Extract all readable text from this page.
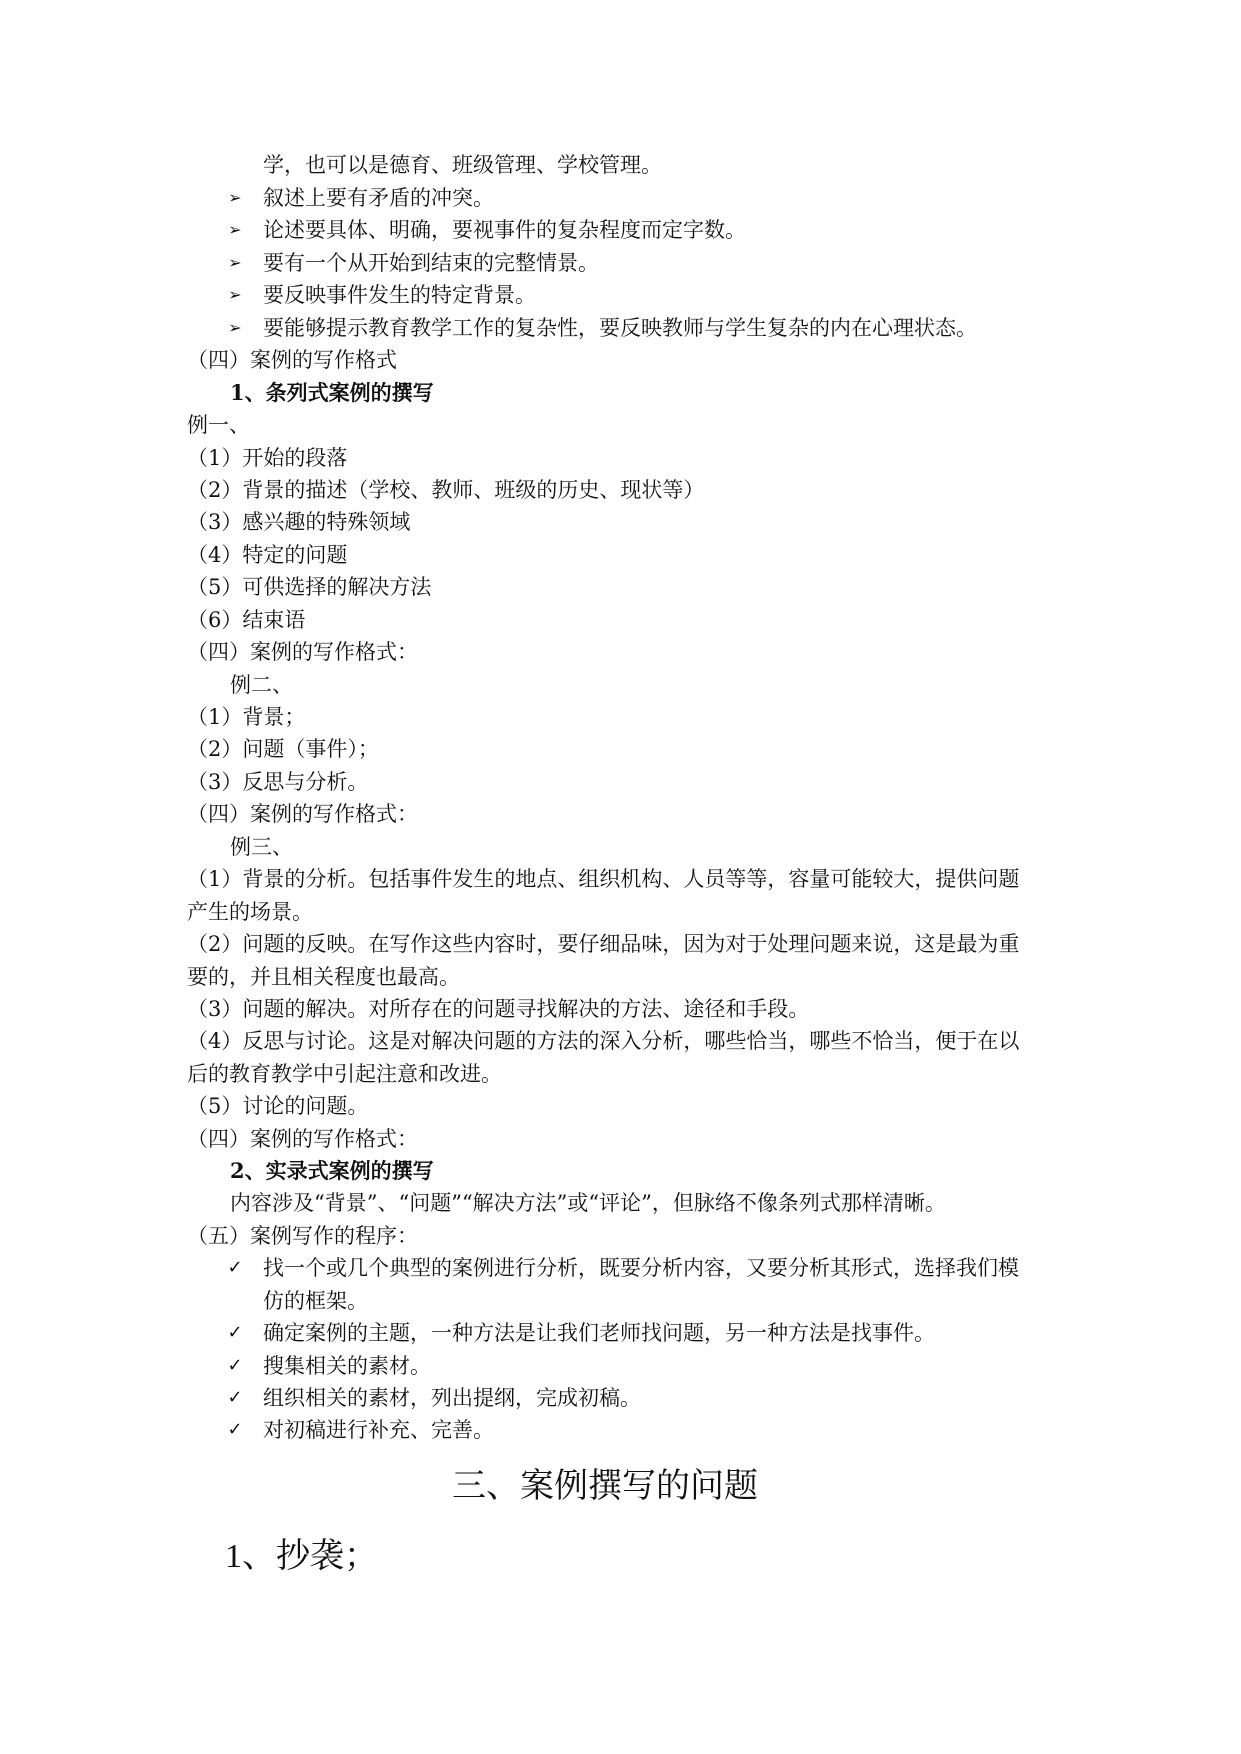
学，也可以是德育、班级管理、学校管理。
➢ 叙述上要有矛盾的冲突。
➢ 论述要具体、明确，要视事件的复杂程度而定字数。
➢ 要有一个从开始到结束的完整情景。
➢ 要反映事件发生的特定背景。
➢ 要能够提示教育教学工作的复杂性，要反映教师与学生复杂的内在心理状态。
（四）案例的写作格式
1、条列式案例的撰写
例一、
（1）开始的段落
（2）背景的描述（学校、教师、班级的历史、现状等）
（3）感兴趣的特殊领域
（4）特定的问题
（5）可供选择的解决方法
（6）结束语
（四）案例的写作格式：
例二、
（1）背景；
（2）问题（事件）；
（3）反思与分析。
（四）案例的写作格式：
例三、
（1）背景的分析。包括事件发生的地点、组织机构、人员等等，容量可能较大，提供问题
产生的场景。
（2）问题的反映。在写作这些内容时，要仔细品味，因为对于处理问题来说，这是最为重
要的，并且相关程度也最高。
（3）问题的解决。对所存在的问题寻找解决的方法、途径和手段。
（4）反思与讨论。这是对解决问题的方法的深入分析，哪些恰当，哪些不恰当，便于在以
后的教育教学中引起注意和改进。
（5）讨论的问题。
（四）案例的写作格式：
2、实录式案例的撰写
内容涉及“背景”、“问题”“解决方法”或“评论”，但脉络不像条列式那样清晰。
（五）案例写作的程序：
✓ 找一个或几个典型的案例进行分析，既要分析内容，又要分析其形式，选择我们模
仿的框架。
✓ 确定案例的主题，一种方法是让我们老师找问题，另一种方法是找事件。
✓ 搜集相关的素材。
✓ 组织相关的素材，列出提纲，完成初稿。
✓ 对初稿进行补充、完善。
三、案例撰写的问题
1、抄袭；
